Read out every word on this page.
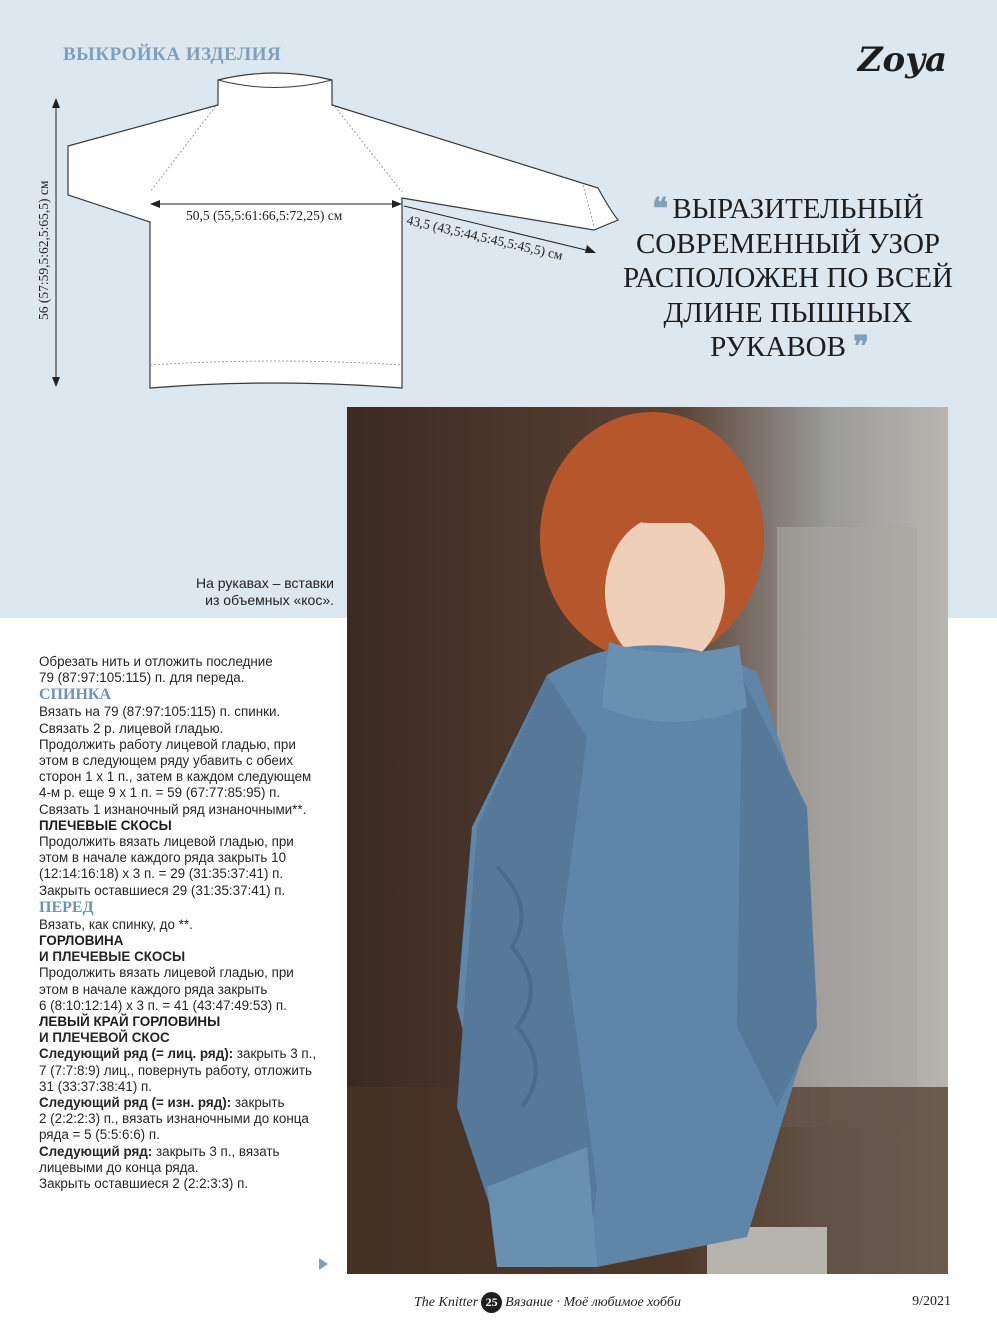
ВЫКРОЙКА ИЗДЕЛИЯ	Zoya
56 (57:59,5:62,5:65,5) см	50,5 (55,5:61:66,5:72,25) см	43,5 (43,5:44,5:45,5:45,5) см
❛❛ ВЫРАЗИТЕЛЬНЫЙ СОВРЕМЕННЫЙ УЗОР РАСПОЛОЖЕН ПО ВСЕЙ ДЛИНЕ ПЫШНЫХ РУКАВОВ ❜❜
На рукавах – вставки
из объемных «кос».

Обрезать нить и отложить последние

79 (87:97:105:115) п. для переда.

СПИНКА

Вязать на 79 (87:97:105:115) п. спинки.

Связать 2 р. лицевой гладью.

Продолжить работу лицевой гладью, при

этом в следующем ряду убавить с обеих

сторон 1 х 1 п., затем в каждом следующем

4-м р. еще 9 х 1 п. = 59 (67:77:85:95) п.

Связать 1 изнаночный ряд изнаночными**.

ПЛЕЧЕВЫЕ СКОСЫ

Продолжить вязать лицевой гладью, при

этом в начале каждого ряда закрыть 10

(12:14:16:18) х 3 п. = 29 (31:35:37:41) п.

Закрыть оставшиеся 29 (31:35:37:41) п.

ПЕРЕД

Вязать, как спинку, до **.

ГОРЛОВИНА

И ПЛЕЧЕВЫЕ СКОСЫ

Продолжить вязать лицевой гладью, при

этом в начале каждого ряда закрыть

6 (8:10:12:14) х 3 п. = 41 (43:47:49:53) п.

ЛЕВЫЙ КРАЙ ГОРЛОВИНЫ

И ПЛЕЧЕВОЙ СКОС

Следующий ряд (= лиц. ряд): закрыть 3 п.,

7 (7:7:8:9) лиц., повернуть работу, отложить

31 (33:37:38:41) п.

Следующий ряд (= изн. ряд): закрыть

2 (2:2:2:3) п., вязать изнаночными до конца

ряда = 5 (5:5:6:6) п.

Следующий ряд: закрыть 3 п., вязать

лицевыми до конца ряда.

Закрыть оставшиеся 2 (2:2:3:3) п.

The Knitter 25 Вязание · Моё любимое хобби	9/2021
